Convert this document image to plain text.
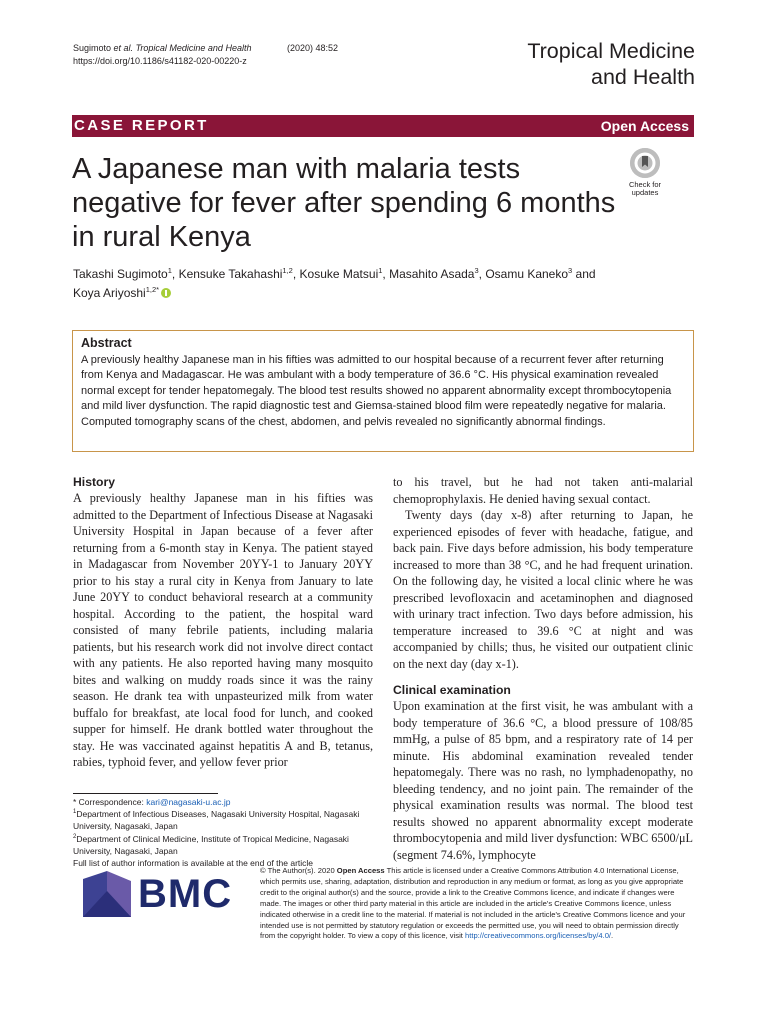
Sugimoto et al. Tropical Medicine and Health	(2020) 48:52
https://doi.org/10.1186/s41182-020-00220-z	Tropical Medicine
and Health
CASE REPORT	Open Access
A Japanese man with malaria tests negative for fever after spending 6 months in rural Kenya
Check for
updates
Takashi Sugimoto$^1$, Kensuke Takahashi$^{1,2}$, Kosuke Matsui$^1$, Masahito Asada$^3$, Osamu Kaneko$^3$ and
Koya Ariyoshi$^{1,2*}$
Abstract
A previously healthy Japanese man in his fifties was admitted to our hospital because of a recurrent fever after returning from Kenya and Madagascar. He was ambulant with a body temperature of 36.6 °C. His physical examination revealed normal except for tender hepatomegaly. The blood test results showed no apparent abnormality except thrombocytopenia and mild liver dysfunction. The rapid diagnostic test and Giemsa-stained blood film were repeatedly negative for malaria. Computed tomography scans of the chest, abdomen, and pelvis revealed no significantly abnormal findings.
History

A previously healthy Japanese man in his fifties was admitted to the Department of Infectious Disease at Nagasaki University Hospital in Japan because of a fever after returning from a 6-month stay in Kenya. The patient stayed in Madagascar from November 20YY-1 to January 20YY prior to his stay a rural city in Kenya from January to late June 20YY to conduct behavioral research at a community hospital. According to the patient, the hospital ward consisted of many febrile patients, including malaria patients, but his research work did not involve direct contact with any patients. He also reported having many mosquito bites and walking on muddy roads since it was the rainy season. He drank tea with unpasteurized milk from water buffalo for breakfast, ate local food for lunch, and cooked supper for himself. He drank bottled water throughout the stay. He was vaccinated against hepatitis A and B, tetanus, rabies, typhoid fever, and yellow fever prior

to his travel, but he had not taken anti-malarial chemoprophylaxis. He denied having sexual contact.

Twenty days (day x-8) after returning to Japan, he experienced episodes of fever with headache, fatigue, and back pain. Five days before admission, his body temperature increased to more than 38 °C, and he had frequent urination. On the following day, he visited a local clinic where he was prescribed levofloxacin and acetaminophen and diagnosed with urinary tract infection. Two days before admission, his temperature increased to 39.6 °C at night and was accompanied by chills; thus, he visited our outpatient clinic on the next day (day x-1).

Clinical examination

Upon examination at the first visit, he was ambulant with a body temperature of 36.6 °C, a blood pressure of 108/85 mmHg, a pulse of 85 bpm, and a respiratory rate of 14 per minute. His abdominal examination revealed tender hepatomegaly. There was no rash, no lymphadenopathy, no bleeding tendency, and no joint pain. The remainder of the physical examination results was normal. The blood test results showed no apparent abnormality except moderate thrombocytopenia and mild liver dysfunction: WBC 6500/μL (segment 74.6%, lymphocyte

* Correspondence: kari@nagasaki-u.ac.jp
$^1$Department of Infectious Diseases, Nagasaki University Hospital, Nagasaki University, Nagasaki, Japan
$^2$Department of Clinical Medicine, Institute of Tropical Medicine, Nagasaki University, Nagasaki, Japan
Full list of author information is available at the end of the article
BMC
© The Author(s). 2020 Open Access This article is licensed under a Creative Commons Attribution 4.0 International License, which permits use, sharing, adaptation, distribution and reproduction in any medium or format, as long as you give appropriate credit to the original author(s) and the source, provide a link to the Creative Commons licence, and indicate if changes were made. The images or other third party material in this article are included in the article's Creative Commons licence, unless indicated otherwise in a credit line to the material. If material is not included in the article's Creative Commons licence and your intended use is not permitted by statutory regulation or exceeds the permitted use, you will need to obtain permission directly from the copyright holder. To view a copy of this licence, visit http://creativecommons.org/licenses/by/4.0/.
